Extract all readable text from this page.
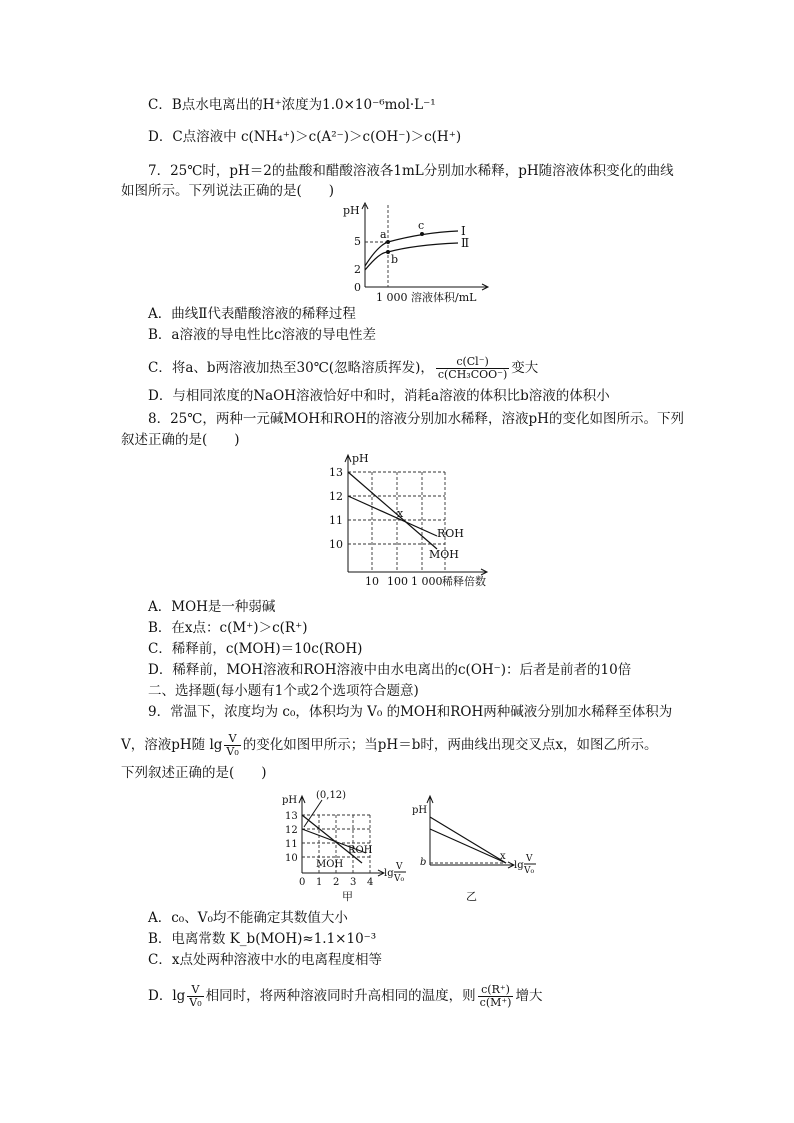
C．B点水电离出的H⁺浓度为1.0×10⁻⁶mol·L⁻¹
D．C点溶液中 c(NH₄⁺)＞c(A²⁻)＞c(OH⁻)＞c(H⁺)
7．25℃时，pH＝2的盐酸和醋酸溶液各1mL分别加水稀释，pH随溶液体积变化的曲线
如图所示。下列说法正确的是(　　)
pH
5
2
0
a
b
c	Ⅰ
Ⅱ
1 000 溶液体积/mL
A．曲线Ⅱ代表醋酸溶液的稀释过程
B．a溶液的导电性比c溶液的导电性差
C．将a、b两溶液加热至30℃(忽略溶质挥发)， $\frac{c(Cl^-)}{\text{c(CH₃COO⁻)}}$ 变大
D．与相同浓度的NaOH溶液恰好中和时，消耗a溶液的体积比b溶液的体积小
8．25℃，两种一元碱MOH和ROH的溶液分别加水稀释，溶液pH的变化如图所示。下列
叙述正确的是(　　)
pH
13
12
11
10
x
ROH
MOH
10 100 1 000 稀释倍数
A．MOH是一种弱碱
B．在x点：c(M⁺)＞c(R⁺)
C．稀释前，c(MOH)＝10c(ROH)
D．稀释前，MOH溶液和ROH溶液中由水电离出的c(OH⁻)：后者是前者的10倍
二、选择题(每小题有1个或2个选项符合题意)
9．常温下，浓度均为 c₀，体积均为 V₀ 的MOH和ROH两种碱液分别加水稀释至体积为
V，溶液pH随 $\lg \frac{V}{\text{V₀}}$ 的变化如图甲所示；当pH＝b时，两曲线出现交叉点x，如图乙所示。
下列叙述正确的是(　　)
pH
13
12
11
10
(0,12)
ROH
MOH
0 1 2 3 4
lg
V
V₀
甲
pH
b
x
lg
V
V₀
乙
A．c₀、V₀均不能确定其数值大小
B．电离常数 K_b(MOH)≈1.1×10⁻³
C．x点处两种溶液中水的电离程度相等
D．$\lg \frac{V}{\text{V₀}}$ 相同时，将两种溶液同时升高相同的温度，则 $\frac{c(R^+)}{c(M^+)}$ 增大
